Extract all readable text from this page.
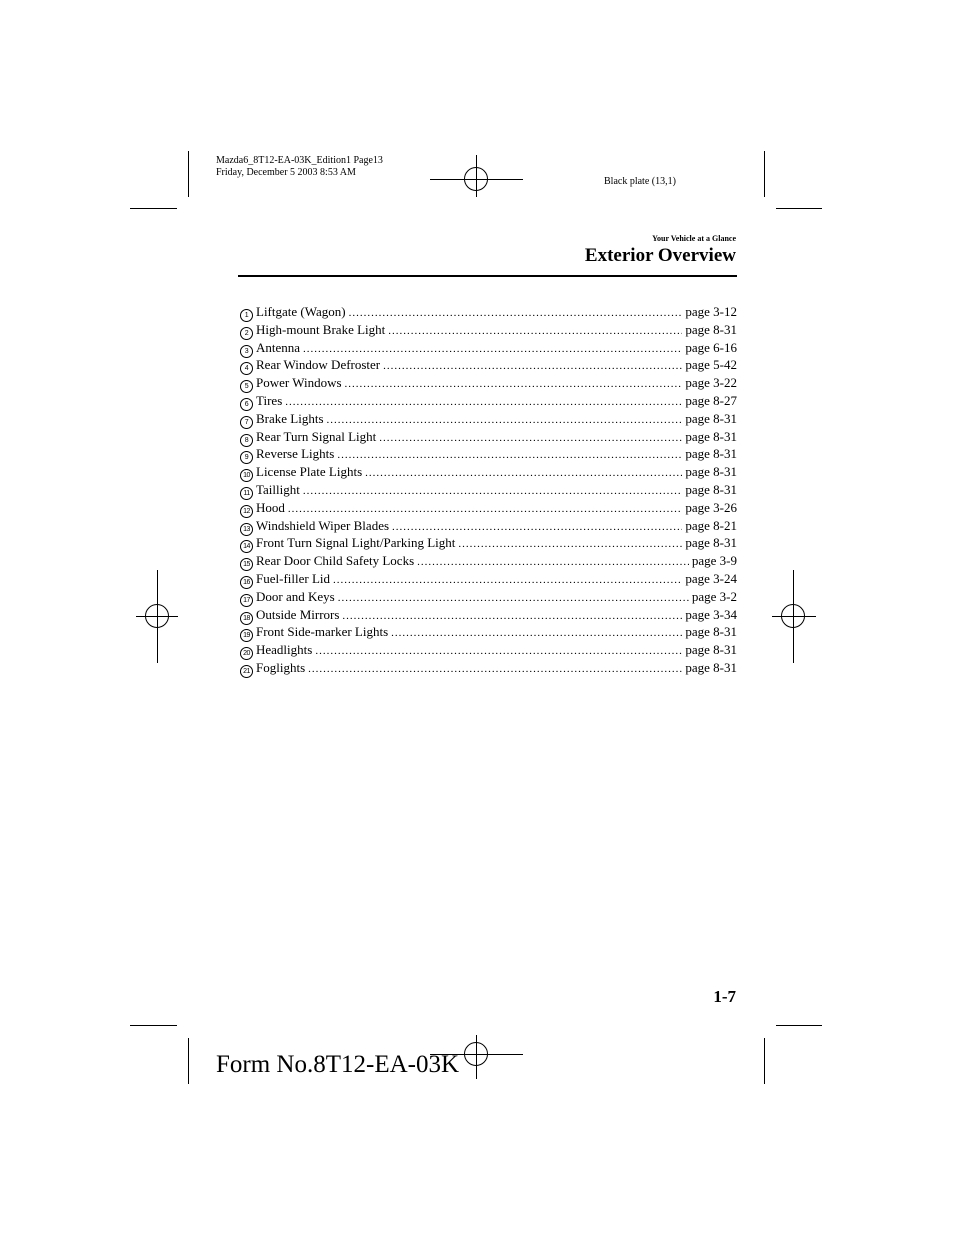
Mazda6_8T12-EA-03K_Edition1 Page13
Friday, December 5 2003 8:53 AM
Black plate (13,1)
Your Vehicle at a Glance
Exterior Overview
1 Liftgate (Wagon) .....	page 3-12
2 High-mount Brake Light .....	page 8-31
3 Antenna .....	page 6-16
4 Rear Window Defroster .....	page 5-42
5 Power Windows .....	page 3-22
6 Tires .....	page 8-27
7 Brake Lights .....	page 8-31
8 Rear Turn Signal Light .....	page 8-31
9 Reverse Lights .....	page 8-31
10 License Plate Lights .....	page 8-31
11 Taillight .....	page 8-31
12 Hood .....	page 3-26
13 Windshield Wiper Blades .....	page 8-21
14 Front Turn Signal Light/Parking Light .....	page 8-31
15 Rear Door Child Safety Locks .....	page 3-9
16 Fuel-filler Lid .....	page 3-24
17 Door and Keys .....	page 3-2
18 Outside Mirrors .....	page 3-34
19 Front Side-marker Lights .....	page 8-31
20 Headlights .....	page 8-31
21 Foglights .....	page 8-31
1-7
Form No.8T12-EA-03K
